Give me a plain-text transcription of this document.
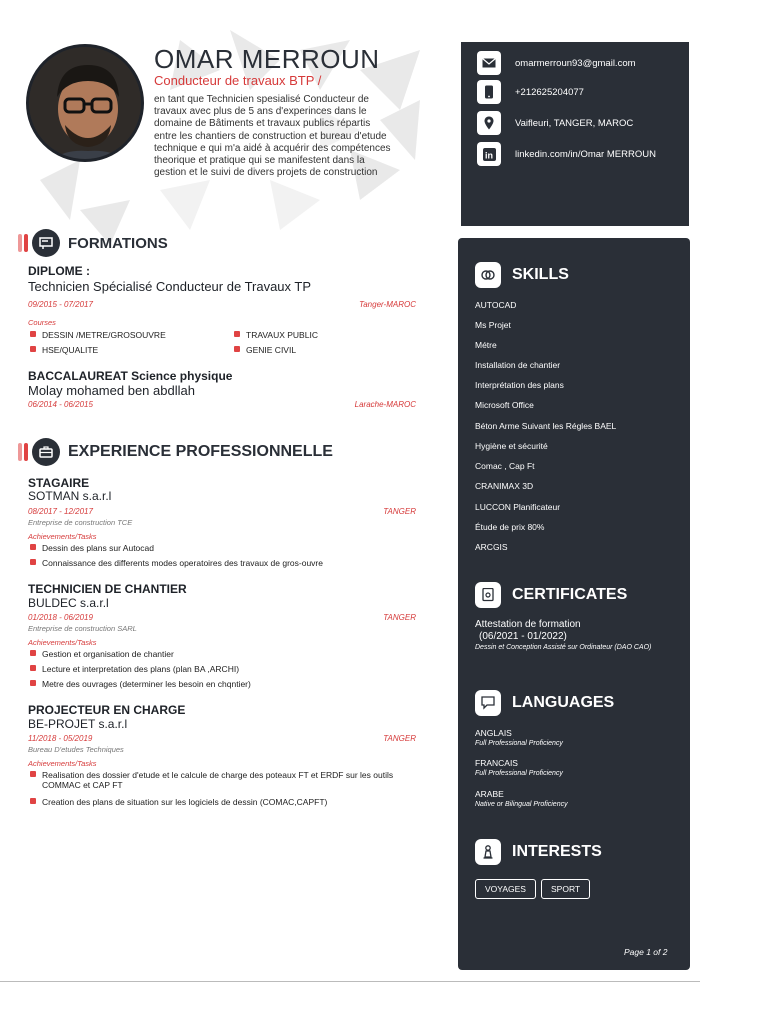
OMAR MERROUN
Conducteur de travaux BTP /
en tant que Technicien spesialisé Conducteur de travaux avec plus de 5 ans d'experinces dans le domaine de Bâtiments et travaux publics répartis entre les chantiers de construction et bureau d'etude technique e qui m'a aidé à acquérir des compétences theorique et pratique qui se manifestent dans la gestion et le suivi de divers projets de construction
FORMATIONS
DIPLOME :
Technicien Spécialisé Conducteur de Travaux TP
09/2015 - 07/2017	Tanger-MAROC
Courses
DESSIN /METRE/GROSOUVRE	TRAVAUX PUBLIC
HSE/QUALITE	GENIE CIVIL
BACCALAUREAT Science physique
Molay mohamed ben abdllah
06/2014 - 06/2015	Larache-MAROC
EXPERIENCE PROFESSIONNELLE
STAGAIRE
SOTMAN s.a.r.l
08/2017 - 12/2017	TANGER
Entreprise de construction TCE
Achievements/Tasks
Dessin des plans sur Autocad
Connaissance des differents modes operatoires des travaux de gros-ouvre
TECHNICIEN DE CHANTIER
BULDEC s.a.r.l
01/2018 - 06/2019	TANGER
Entreprise de construction SARL
Achievements/Tasks
Gestion et organisation de chantier
Lecture et interpretation des plans (plan BA ,ARCHI)
Metre des ouvrages (determiner les besoin en chqntier)
PROJECTEUR EN CHARGE
BE-PROJET s.a.r.l
11/2018 - 05/2019	TANGER
Bureau D'etudes Techniques
Achievements/Tasks
Realisation des dossier d'etude et le calcule de charge des poteaux FT et ERDF sur les outils COMMAC et CAP FT
Creation des plans de situation sur les logiciels de dessin (COMAC,CAPFT)
omarmerroun93@gmail.com
+212625204077
Vaifleuri, TANGER, MAROC
in linkedin.com/in/Omar MERROUN
SKILLS
AUTOCAD
Ms Projet
Métre
Installation de chantier
Interprétation des plans
Microsoft Office
Béton Arme Suivant les Régles BAEL
Hygiène et sécurité
Comac , Cap Ft
CRANIMAX 3D
LUCCON Planificateur
Étude de prix 80%
ARCGIS
CERTIFICATES
Attestation de formation
(06/2021 - 01/2022)
Dessin et Conception Assisté sur Ordinateur (DAO CAO)
LANGUAGES
ANGLAIS
Full Professional Proficiency
FRANCAIS
Full Professional Proficiency
ARABE
Native or Bilingual Proficiency
INTERESTS
VOYAGES	SPORT
Page 1 of 2
